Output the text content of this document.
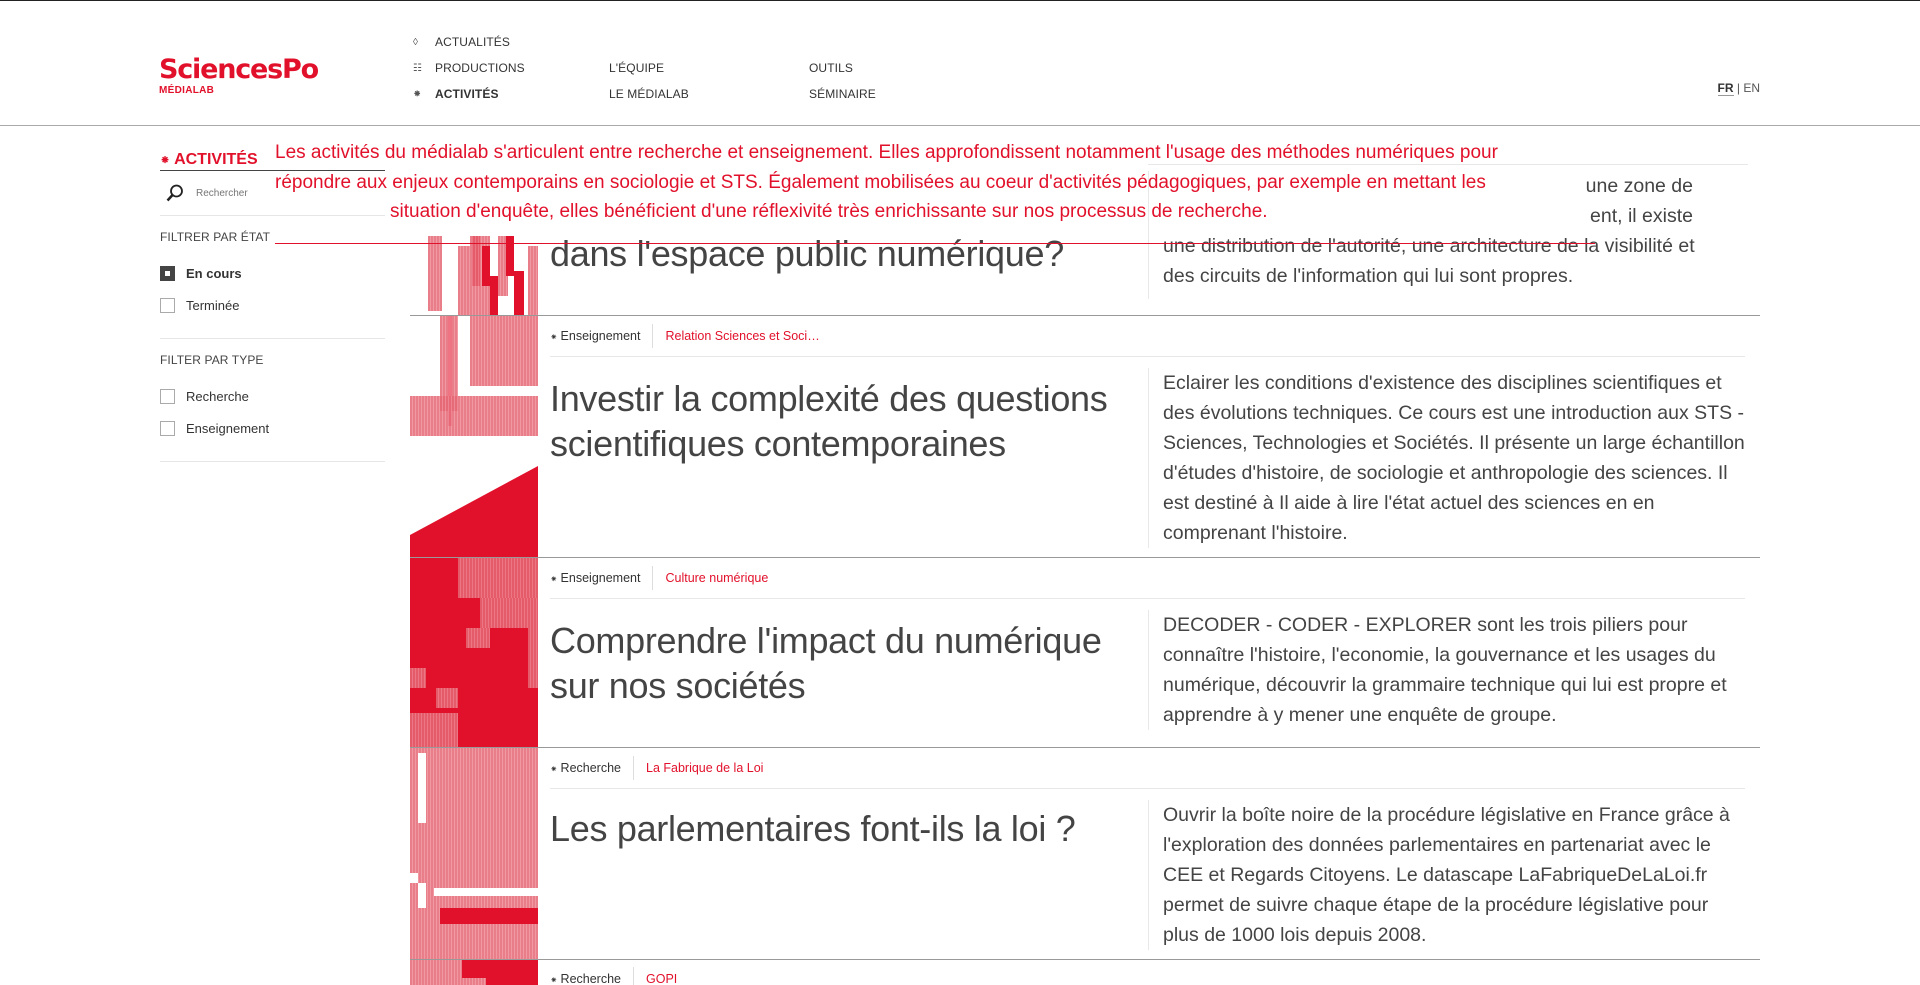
SciencesPo
MÉDIALAB
◊	ACTUALITÉS
☷	PRODUCTIONS
⁕	ACTIVITÉS
L'ÉQUIPE
LE MÉDIALAB
OUTILS
SÉMINAIRE	FR | EN
⁕ ACTIVITÉS
Rechercher
FILTRER PAR ÉTAT
En cours
Terminée
FILTER PAR TYPE
Recherche
Enseignement
Les activités du médialab s'articulent entre recherche et enseignement. Elles approfondissent notamment l'usage des méthodes numériques pour
répondre aux enjeux contemporains en sociologie et STS. Également mobilisées au coeur d'activités pédagogiques, par exemple en mettant les
situation d'enquête, elles bénéficient d'une réflexivité très enrichissante sur nos processus de recherche.
dans l'espace public numérique?
une zone de
ent, il existe
une distribution de l'autorité, une architecture de la visibilité et
des circuits de l'information qui lui sont propres.
⁕ Enseignement	Relation Sciences et Soci…
Investir la complexité des questions scientifiques contemporaines
Eclairer les conditions d'existence des disciplines scientifiques et des évolutions techniques. Ce cours est une introduction aux STS - Sciences, Technologies et Sociétés. Il présente un large échantillon d'études d'histoire, de sociologie et anthropologie des sciences. Il est destiné à Il aide à lire l'état actuel des sciences en en comprenant l'histoire.
⁕ Enseignement	Culture numérique
Comprendre l'impact du numérique sur nos sociétés
DECODER - CODER - EXPLORER sont les trois piliers pour connaître l'histoire, l'economie, la gouvernance et les usages du numérique, découvrir la grammaire technique qui lui est propre et apprendre à y mener une enquête de groupe.
⁕ Recherche	La Fabrique de la Loi
Les parlementaires font-ils la loi ?	Ouvrir la boîte noire de la procédure législative en France grâce à l'exploration des données parlementaires en partenariat avec le CEE et Regards Citoyens. Le datascape LaFabriqueDeLaLoi.fr permet de suivre chaque étape de la procédure législative pour plus de 1000 lois depuis 2008.
⁕ Recherche	GOPI
